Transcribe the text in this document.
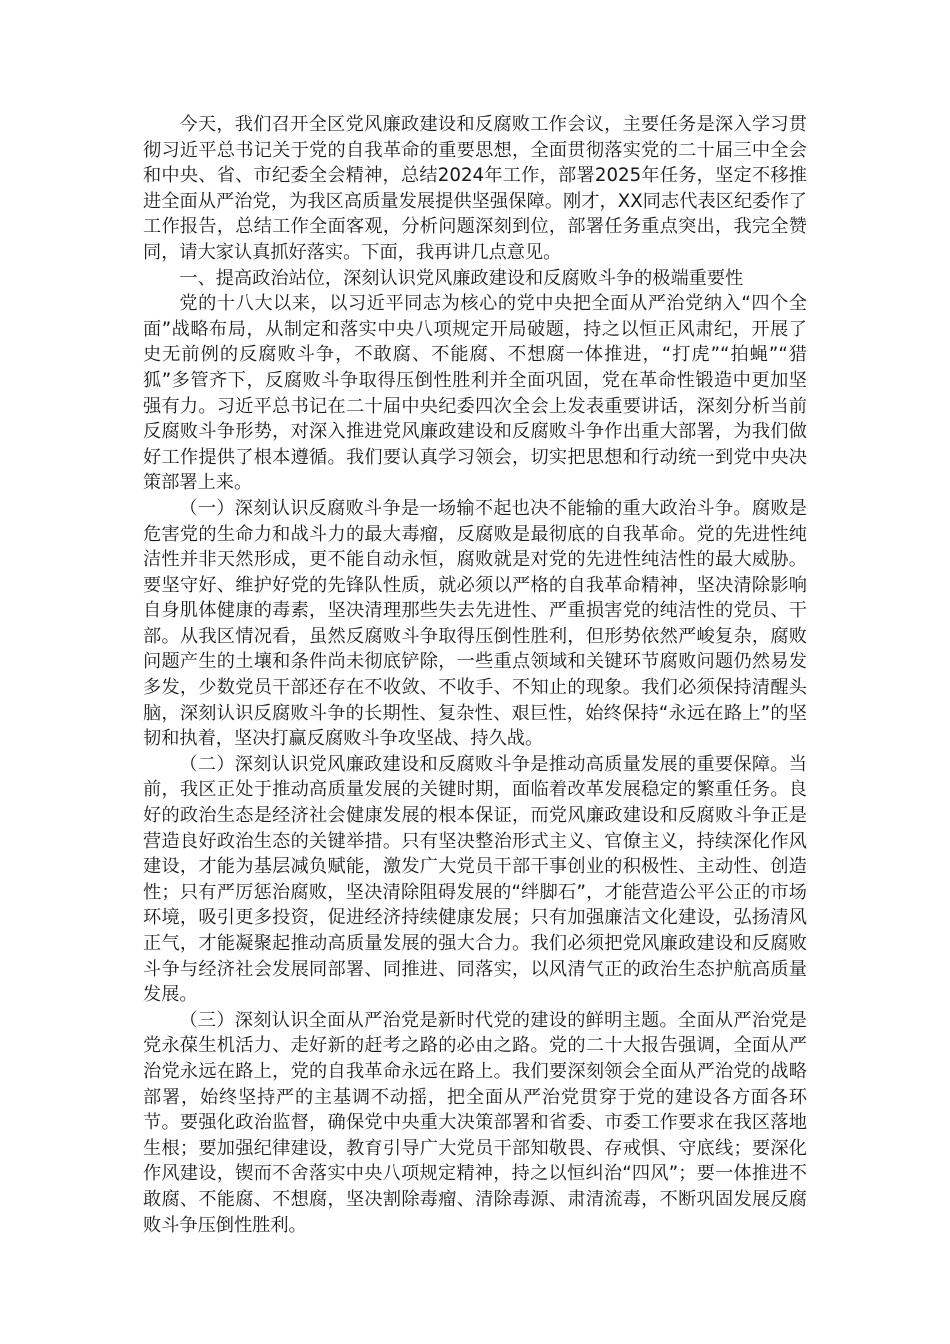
今天，我们召开全区党风廉政建设和反腐败工作会议，主要任务是深入学习贯彻习近平总书记关于党的自我革命的重要思想，全面贯彻落实党的二十届三中全会和中央、省、市纪委全会精神，总结2024年工作，部署2025年任务，坚定不移推进全面从严治党，为我区高质量发展提供坚强保障。刚才，XX同志代表区纪委作了工作报告，总结工作全面客观，分析问题深刻到位，部署任务重点突出，我完全赞同，请大家认真抓好落实。下面，我再讲几点意见。

一、提高政治站位，深刻认识党风廉政建设和反腐败斗争的极端重要性

党的十八大以来，以习近平同志为核心的党中央把全面从严治党纳入“四个全面”战略布局，从制定和落实中央八项规定开局破题，持之以恒正风肃纪，开展了史无前例的反腐败斗争，不敢腐、不能腐、不想腐一体推进，“打虎”“拍蝇”“猎狐”多管齐下，反腐败斗争取得压倒性胜利并全面巩固，党在革命性锻造中更加坚强有力。习近平总书记在二十届中央纪委四次全会上发表重要讲话，深刻分析当前反腐败斗争形势，对深入推进党风廉政建设和反腐败斗争作出重大部署，为我们做好工作提供了根本遵循。我们要认真学习领会，切实把思想和行动统一到党中央决策部署上来。

（一）深刻认识反腐败斗争是一场输不起也决不能输的重大政治斗争。腐败是危害党的生命力和战斗力的最大毒瘤，反腐败是最彻底的自我革命。党的先进性纯洁性并非天然形成，更不能自动永恒，腐败就是对党的先进性纯洁性的最大威胁。要坚守好、维护好党的先锋队性质，就必须以严格的自我革命精神，坚决清除影响自身肌体健康的毒素，坚决清理那些失去先进性、严重损害党的纯洁性的党员、干部。从我区情况看，虽然反腐败斗争取得压倒性胜利，但形势依然严峻复杂，腐败问题产生的土壤和条件尚未彻底铲除，一些重点领域和关键环节腐败问题仍然易发多发，少数党员干部还存在不收敛、不收手、不知止的现象。我们必须保持清醒头脑，深刻认识反腐败斗争的长期性、复杂性、艰巨性，始终保持“永远在路上”的坚韧和执着，坚决打赢反腐败斗争攻坚战、持久战。

（二）深刻认识党风廉政建设和反腐败斗争是推动高质量发展的重要保障。当前，我区正处于推动高质量发展的关键时期，面临着改革发展稳定的繁重任务。良好的政治生态是经济社会健康发展的根本保证，而党风廉政建设和反腐败斗争正是营造良好政治生态的关键举措。只有坚决整治形式主义、官僚主义，持续深化作风建设，才能为基层减负赋能，激发广大党员干部干事创业的积极性、主动性、创造性；只有严厉惩治腐败，坚决清除阻碍发展的“绊脚石”，才能营造公平公正的市场环境，吸引更多投资，促进经济持续健康发展；只有加强廉洁文化建设，弘扬清风正气，才能凝聚起推动高质量发展的强大合力。我们必须把党风廉政建设和反腐败斗争与经济社会发展同部署、同推进、同落实，以风清气正的政治生态护航高质量发展。

（三）深刻认识全面从严治党是新时代党的建设的鲜明主题。全面从严治党是党永葆生机活力、走好新的赶考之路的必由之路。党的二十大报告强调，全面从严治党永远在路上，党的自我革命永远在路上。我们要深刻领会全面从严治党的战略部署，始终坚持严的主基调不动摇，把全面从严治党贯穿于党的建设各方面各环节。要强化政治监督，确保党中央重大决策部署和省委、市委工作要求在我区落地生根；要加强纪律建设，教育引导广大党员干部知敬畏、存戒惧、守底线；要深化作风建设，锲而不舍落实中央八项规定精神，持之以恒纠治“四风”；要一体推进不敢腐、不能腐、不想腐，坚决割除毒瘤、清除毒源、肃清流毒，不断巩固发展反腐败斗争压倒性胜利。
